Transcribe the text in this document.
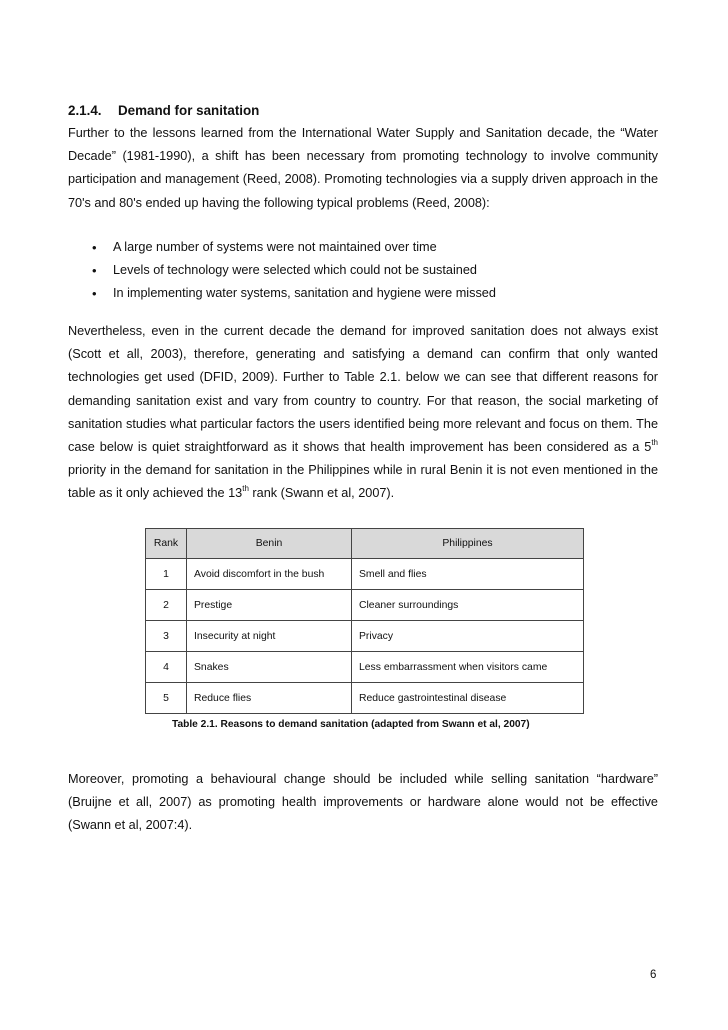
2.1.4. Demand for sanitation

Further to the lessons learned from the International Water Supply and Sanitation decade, the “Water Decade” (1981-1990), a shift has been necessary from promoting technology to involve community participation and management (Reed, 2008). Promoting technologies via a supply driven approach in the 70's and 80's ended up having the following typical problems (Reed, 2008):

• A large number of systems were not maintained over time
• Levels of technology were selected which could not be sustained
• In implementing water systems, sanitation and hygiene were missed

Nevertheless, even in the current decade the demand for improved sanitation does not always exist (Scott et all, 2003), therefore, generating and satisfying a demand can confirm that only wanted technologies get used (DFID, 2009). Further to Table 2.1. below we can see that different reasons for demanding sanitation exist and vary from country to country. For that reason, the social marketing of sanitation studies what particular factors the users identified being more relevant and focus on them. The case below is quiet straightforward as it shows that health improvement has been considered as a 5th priority in the demand for sanitation in the Philippines while in rural Benin it is not even mentioned in the table as it only achieved the 13th rank (Swann et al, 2007).

Rank	Benin	Philippines
1	Avoid discomfort in the bush	Smell and flies
2	Prestige	Cleaner surroundings
3	Insecurity at night	Privacy
4	Snakes	Less embarrassment when visitors came
5	Reduce flies	Reduce gastrointestinal disease
Table 2.1. Reasons to demand sanitation (adapted from Swann et al, 2007)

Moreover, promoting a behavioural change should be included while selling sanitation “hardware” (Bruijne et all, 2007) as promoting health improvements or hardware alone would not be effective (Swann et al, 2007:4).

6
